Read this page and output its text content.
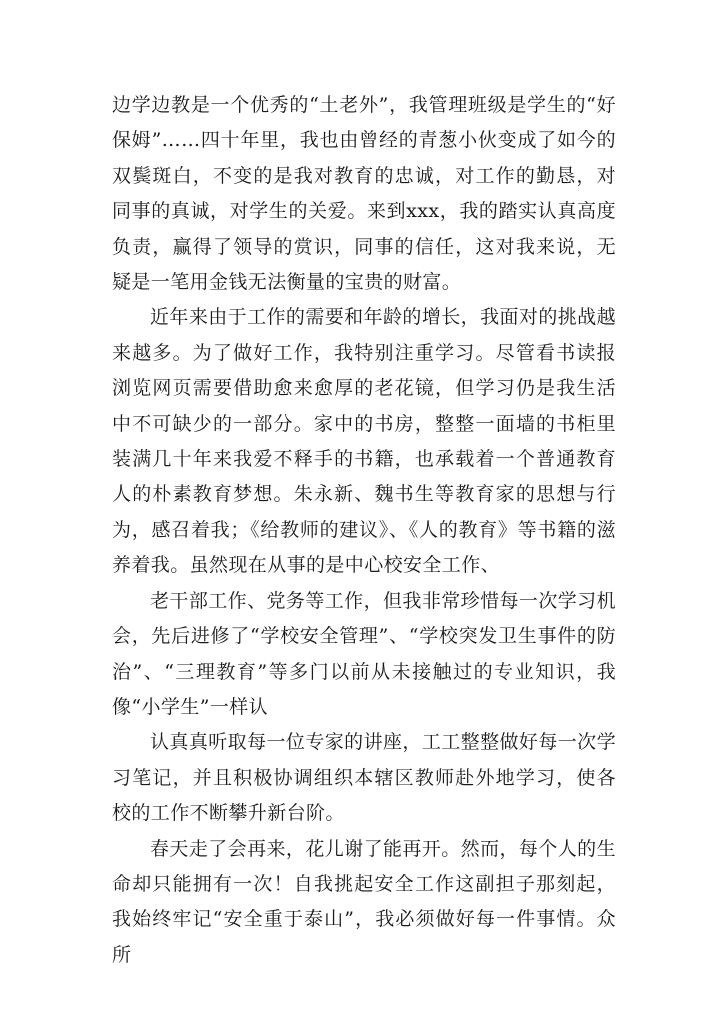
边学边教是一个优秀的“土老外”，我管理班级是学生的“好保姆”……四十年里，我也由曾经的青葱小伙变成了如今的双鬓斑白，不变的是我对教育的忠诚，对工作的勤恳，对同事的真诚，对学生的关爱。来到xxx，我的踏实认真高度负责，赢得了领导的赏识，同事的信任，这对我来说，无疑是一笔用金钱无法衡量的宝贵的财富。

近年来由于工作的需要和年龄的增长，我面对的挑战越来越多。为了做好工作，我特别注重学习。尽管看书读报浏览网页需要借助愈来愈厚的老花镜，但学习仍是我生活中不可缺少的一部分。家中的书房，整整一面墙的书柜里装满几十年来我爱不释手的书籍，也承载着一个普通教育人的朴素教育梦想。朱永新、魏书生等教育家的思想与行为，感召着我；《给教师的建议》、《人的教育》等书籍的滋养着我。虽然现在从事的是中心校安全工作、

老干部工作、党务等工作，但我非常珍惜每一次学习机会，先后进修了“学校安全管理”、“学校突发卫生事件的防治”、“三理教育”等多门以前从未接触过的专业知识，我像“小学生”一样认

认真真听取每一位专家的讲座，工工整整做好每一次学习笔记，并且积极协调组织本辖区教师赴外地学习，使各校的工作不断攀升新台阶。

春天走了会再来，花儿谢了能再开。然而，每个人的生命却只能拥有一次！自我挑起安全工作这副担子那刻起，我始终牢记“安全重于泰山”，我必须做好每一件事情。众所
